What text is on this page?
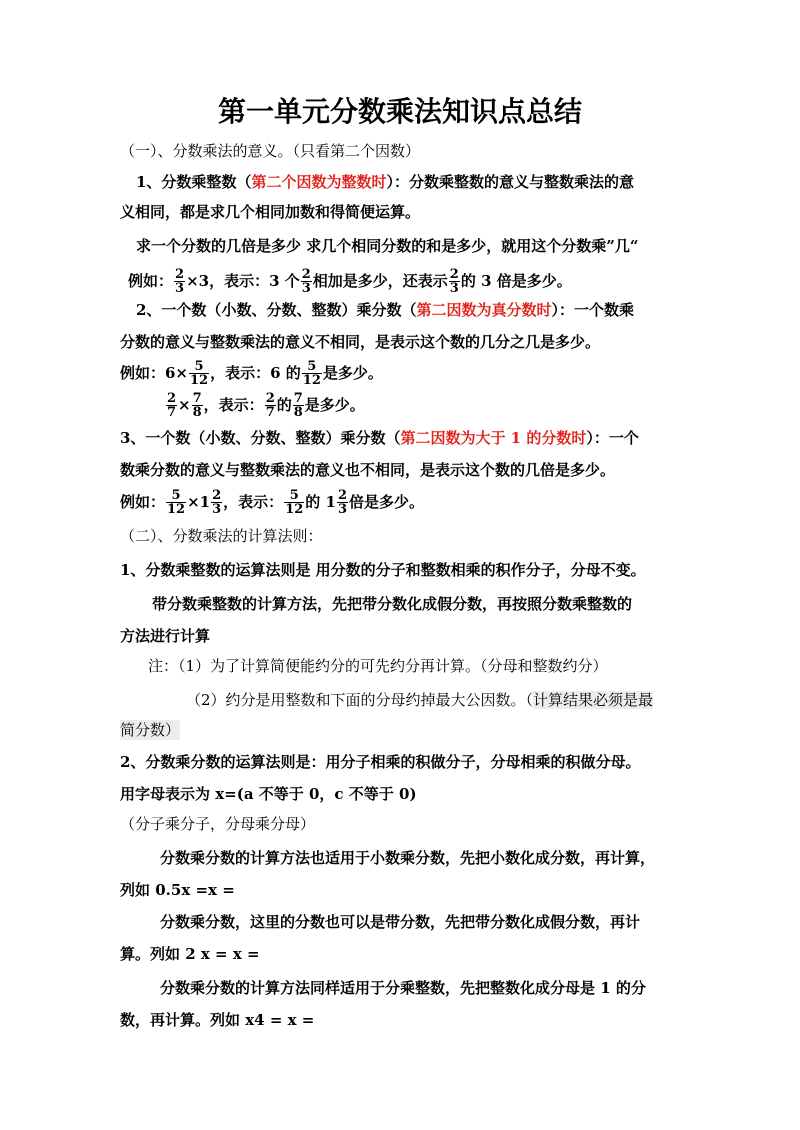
第一单元分数乘法知识点总结
（一）、分数乘法的意义。（只看第二个因数）
1、分数乘整数（第二个因数为整数时）：分数乘整数的意义与整数乘法的意
义相同，都是求几个相同加数和得简便运算。
求一个分数的几倍是多少 求几个相同分数的和是多少，就用这个分数乘”几“
例如： $\frac{2}{3} \times 3$，表示：3 个 $\frac{2}{3}$ 相加是多少，还表示 $\frac{2}{3}$ 的 3 倍是多少。
2、一个数（小数、分数、整数）乘分数（第二因数为真分数时）：一个数乘
分数的意义与整数乘法的意义不相同，是表示这个数的几分之几是多少。
例如：$6\times \frac{5}{12}$ ，表示：6 的 $\frac{5}{12}$ 是多少。
$\frac{2}{7} \times \frac{7}{8}$ ，表示： $\frac{2}{7}$ 的 $\frac{7}{8}$ 是多少。
3、一个数（小数、分数、整数）乘分数（第二因数为大于 1 的分数时）：一个
数乘分数的意义与整数乘法的意义也不相同，是表示这个数的几倍是多少。
例如： $\frac{5}{12} \times 1 \frac{2}{3}$ ，表示： $\frac{5}{12}$ 的 $1 \frac{2}{3}$ 倍是多少。
（二）、分数乘法的计算法则：
1、分数乘整数的运算法则是 用分数的分子和整数相乘的积作分子，分母不变。
带分数乘整数的计算方法，先把带分数化成假分数，再按照分数乘整数的
方法进行计算
注：（1）为了计算简便能约分的可先约分再计算。（分母和整数约分）
（2）约分是用整数和下面的分母约掉最大公因数。（计算结果必须是最
简分数）
2、分数乘分数的运算法则是：用分子相乘的积做分子，分母相乘的积做分母。
用字母表示为 x=(a 不等于 0，c 不等于 0)
（分子乘分子，分母乘分母）
分数乘分数的计算方法也适用于小数乘分数，先把小数化成分数，再计算，
列如 0.5x =x =
分数乘分数，这里的分数也可以是带分数，先把带分数化成假分数，再计
算。列如 2 x = x =
分数乘分数的计算方法同样适用于分乘整数，先把整数化成分母是 1 的分
数，再计算。列如 x4 = x =
